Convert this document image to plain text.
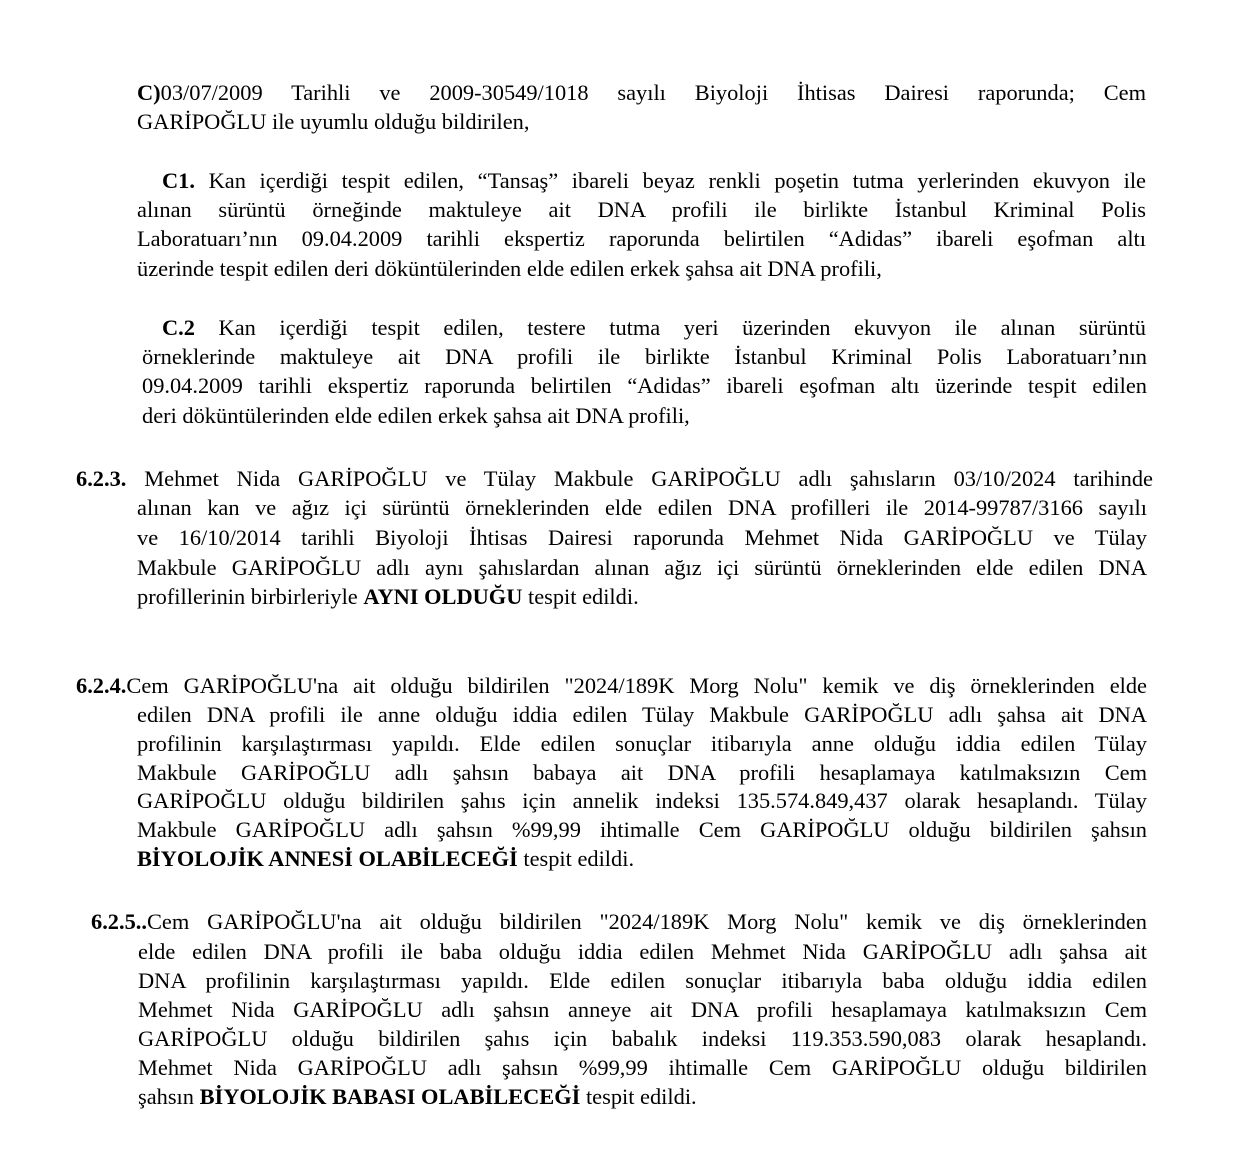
C)03/07/2009 Tarihli ve 2009-30549/1018 sayılı Biyoloji İhtisas Dairesi raporunda; Cem
GARİPOĞLU ile uyumlu olduğu bildirilen,
C1. Kan içerdiği tespit edilen, “Tansaş” ibareli beyaz renkli poşetin tutma yerlerinden ekuvyon ile
alınan sürüntü örneğinde maktuleye ait DNA profili ile birlikte İstanbul Kriminal Polis
Laboratuarı’nın 09.04.2009 tarihli ekspertiz raporunda belirtilen “Adidas” ibareli eşofman altı
üzerinde tespit edilen deri döküntülerinden elde edilen erkek şahsa ait DNA profili,
C.2 Kan içerdiği tespit edilen, testere tutma yeri üzerinden ekuvyon ile alınan sürüntü
örneklerinde maktuleye ait DNA profili ile birlikte İstanbul Kriminal Polis Laboratuarı’nın
09.04.2009 tarihli ekspertiz raporunda belirtilen “Adidas” ibareli eşofman altı üzerinde tespit edilen
deri döküntülerinden elde edilen erkek şahsa ait DNA profili,
6.2.3. Mehmet Nida GARİPOĞLU ve Tülay Makbule GARİPOĞLU adlı şahısların 03/10/2024 tarihinde
alınan kan ve ağız içi sürüntü örneklerinden elde edilen DNA profilleri ile 2014-99787/3166 sayılı
ve 16/10/2014 tarihli Biyoloji İhtisas Dairesi raporunda Mehmet Nida GARİPOĞLU ve Tülay
Makbule GARİPOĞLU adlı aynı şahıslardan alınan ağız içi sürüntü örneklerinden elde edilen DNA
profillerinin birbirleriyle AYNI OLDUĞU tespit edildi.
6.2.4.Cem GARİPOĞLU'na ait olduğu bildirilen "2024/189K Morg Nolu" kemik ve diş örneklerinden elde
edilen DNA profili ile anne olduğu iddia edilen Tülay Makbule GARİPOĞLU adlı şahsa ait DNA
profilinin karşılaştırması yapıldı. Elde edilen sonuçlar itibarıyla anne olduğu iddia edilen Tülay
Makbule GARİPOĞLU adlı şahsın babaya ait DNA profili hesaplamaya katılmaksızın Cem
GARİPOĞLU olduğu bildirilen şahıs için annelik indeksi 135.574.849,437 olarak hesaplandı. Tülay
Makbule GARİPOĞLU adlı şahsın %99,99 ihtimalle Cem GARİPOĞLU olduğu bildirilen şahsın
BİYOLOJİK ANNESİ OLABİLECEĞİ tespit edildi.
6.2.5..Cem GARİPOĞLU'na ait olduğu bildirilen "2024/189K Morg Nolu" kemik ve diş örneklerinden
elde edilen DNA profili ile baba olduğu iddia edilen Mehmet Nida GARİPOĞLU adlı şahsa ait
DNA profilinin karşılaştırması yapıldı. Elde edilen sonuçlar itibarıyla baba olduğu iddia edilen
Mehmet Nida GARİPOĞLU adlı şahsın anneye ait DNA profili hesaplamaya katılmaksızın Cem
GARİPOĞLU olduğu bildirilen şahıs için babalık indeksi 119.353.590,083 olarak hesaplandı.
Mehmet Nida GARİPOĞLU adlı şahsın %99,99 ihtimalle Cem GARİPOĞLU olduğu bildirilen
şahsın BİYOLOJİK BABASI OLABİLECEĞİ tespit edildi.
